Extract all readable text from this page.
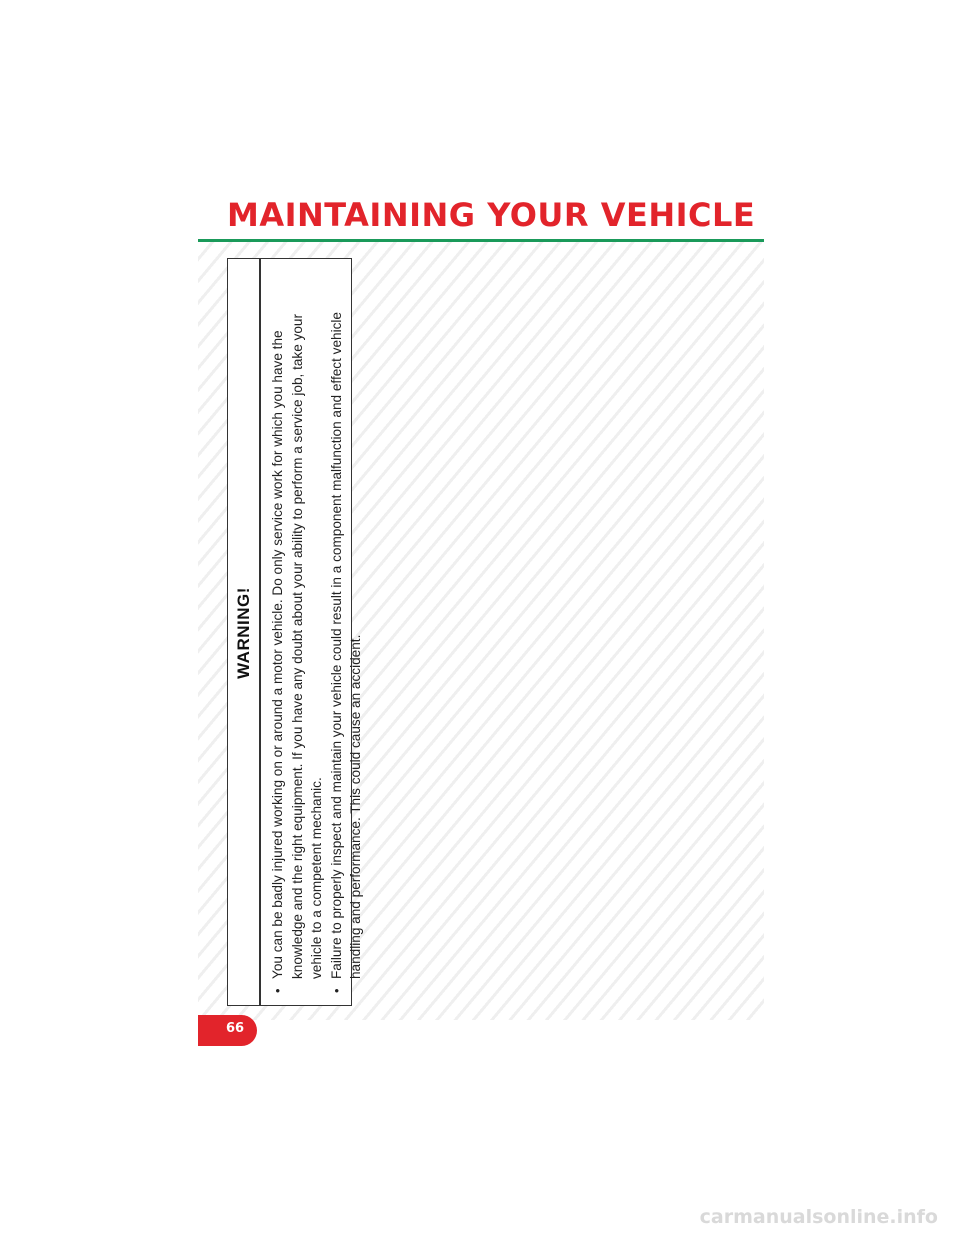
MAINTAINING YOUR VEHICLE
WARNING!
•
You can be badly injured working on or around a motor vehicle. Do only service work for which you have the knowledge and the right equipment. If you have any doubt about your ability to perform a service job, take your vehicle to a competent mechanic.
•
Failure to properly inspect and maintain your vehicle could result in a component malfunction and effect vehicle handling and performance. This could cause an accident.
66
carmanualsonline.info
